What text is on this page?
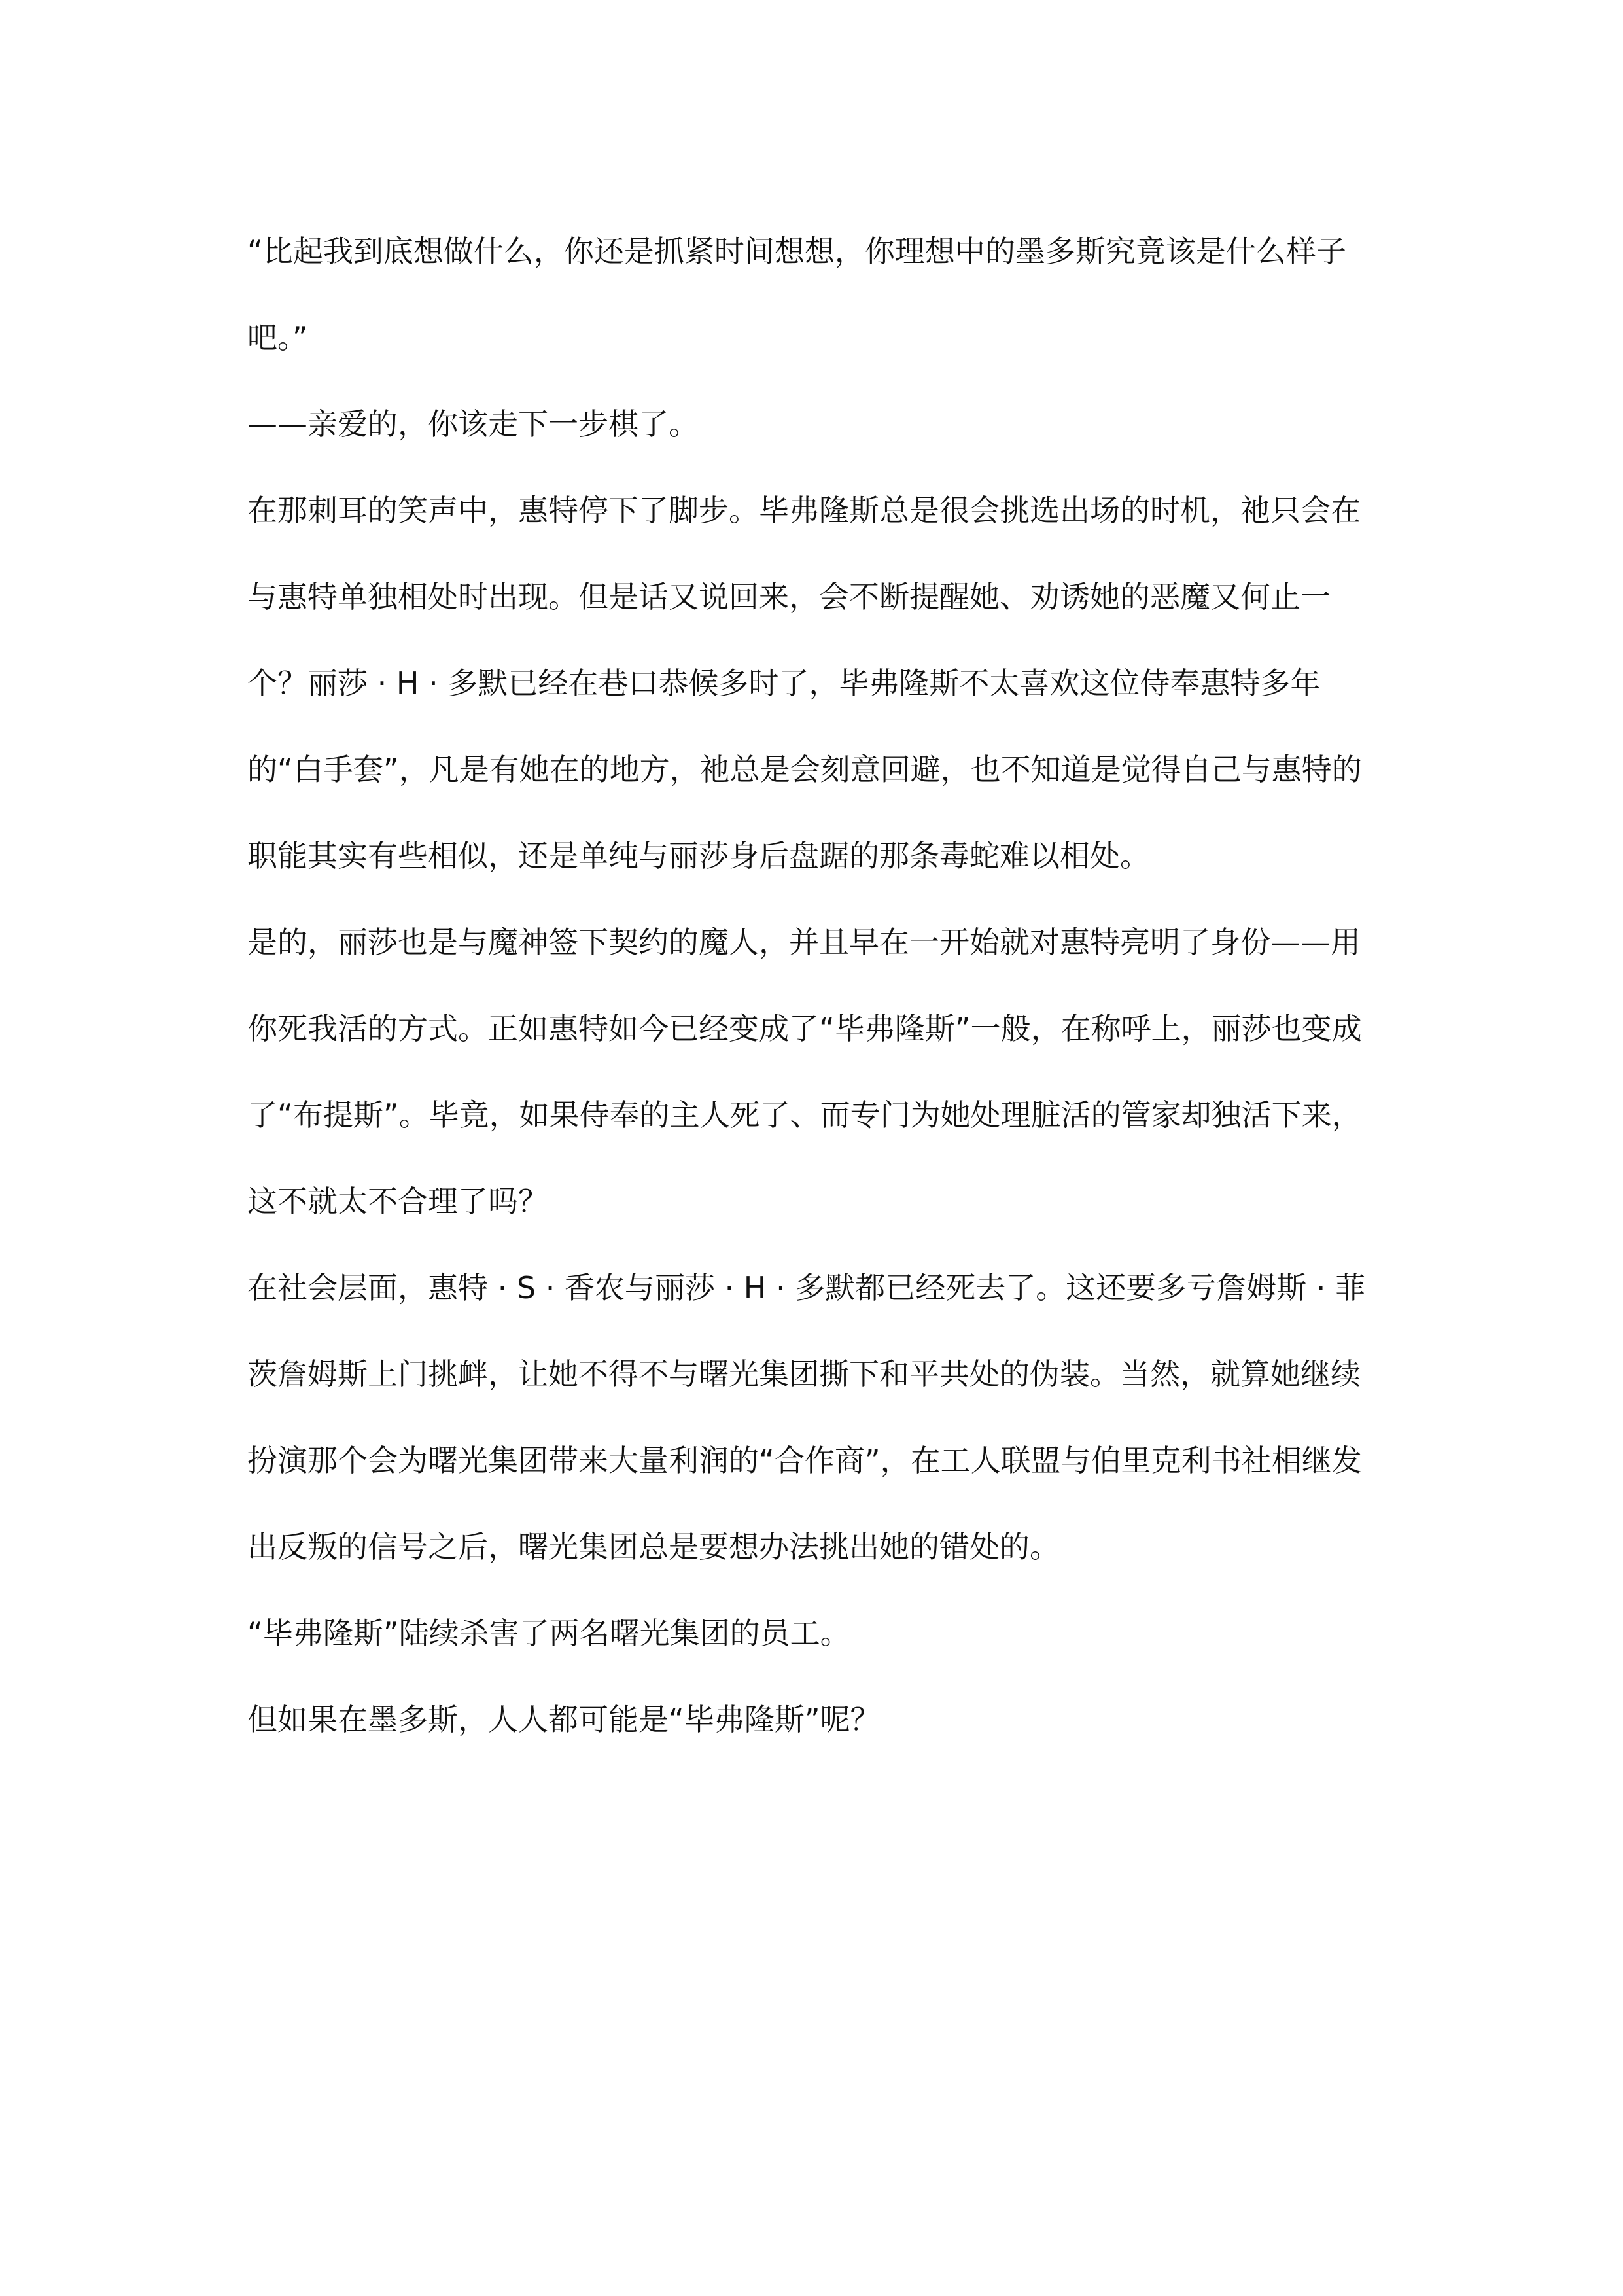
“比起我到底想做什么，你还是抓紧时间想想，你理想中的墨多斯究竟该是什么样子吧。”

——亲爱的，你该走下一步棋了。

在那刺耳的笑声中，惠特停下了脚步。毕弗隆斯总是很会挑选出场的时机，祂只会在与惠特单独相处时出现。但是话又说回来，会不断提醒她、劝诱她的恶魔又何止一个？丽莎 · H · 多默已经在巷口恭候多时了，毕弗隆斯不太喜欢这位侍奉惠特多年的“白手套”，凡是有她在的地方，祂总是会刻意回避，也不知道是觉得自己与惠特的职能其实有些相似，还是单纯与丽莎身后盘踞的那条毒蛇难以相处。

是的，丽莎也是与魔神签下契约的魔人，并且早在一开始就对惠特亮明了身份——用你死我活的方式。正如惠特如今已经变成了“毕弗隆斯”一般，在称呼上，丽莎也变成了“布提斯”。毕竟，如果侍奉的主人死了、而专门为她处理脏活的管家却独活下来，这不就太不合理了吗？

在社会层面，惠特 · S · 香农与丽莎 · H · 多默都已经死去了。这还要多亏詹姆斯 · 菲茨詹姆斯上门挑衅，让她不得不与曙光集团撕下和平共处的伪装。当然，就算她继续扮演那个会为曙光集团带来大量利润的“合作商”，在工人联盟与伯里克利书社相继发出反叛的信号之后，曙光集团总是要想办法挑出她的错处的。

“毕弗隆斯”陆续杀害了两名曙光集团的员工。

但如果在墨多斯，人人都可能是“毕弗隆斯”呢？
